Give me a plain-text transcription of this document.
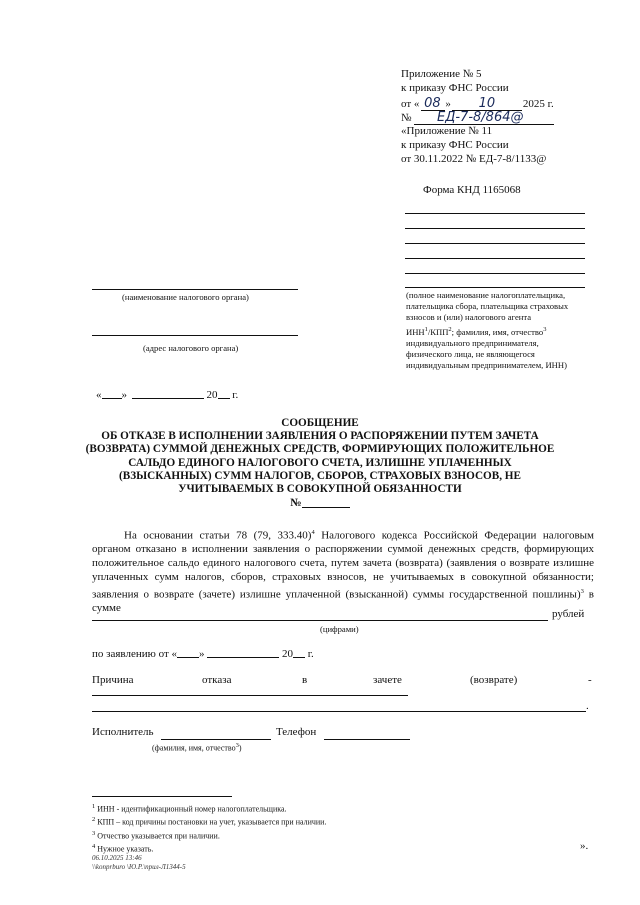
Приложение № 5
к приказу ФНС России
от « 08 » 10	2025 г.
№ ЕД-7-8/864@
«Приложение № 11
к приказу ФНС России
от 30.11.2022 № ЕД-7-8/1133@
Форма КНД 1165068
(полное наименование налогоплательщика,
плательщика сбора, плательщика страховых
взносов и (или) налогового агента
ИНН$^1$/КПП$^2$; фамилия, имя, отчество$^3$
индивидуального предпринимателя,
физического лица, не являющегося
индивидуальным предпринимателем, ИНН)
(наименование налогового органа)
(адрес налогового органа)
« »	20 г.
СООБЩЕНИЕ
ОБ ОТКАЗЕ В ИСПОЛНЕНИИ ЗАЯВЛЕНИЯ О РАСПОРЯЖЕНИИ ПУТЕМ ЗАЧЕТА
(ВОЗВРАТА) СУММОЙ ДЕНЕЖНЫХ СРЕДСТВ, ФОРМИРУЮЩИХ ПОЛОЖИТЕЛЬНОЕ
САЛЬДО ЕДИНОГО НАЛОГОВОГО СЧЕТА, ИЗЛИШНЕ УПЛАЧЕННЫХ
(ВЗЫСКАННЫХ) СУММ НАЛОГОВ, СБОРОВ, СТРАХОВЫХ ВЗНОСОВ, НЕ
УЧИТЫВАЕМЫХ В СОВОКУПНОЙ ОБЯЗАННОСТИ
№
На основании статьи 78 (79, 333.40)$^4$ Налогового кодекса Российской Федерации налоговым органом отказано в исполнении заявления о распоряжении суммой денежных средств, формирующих положительное сальдо единого налогового счета, путем зачета (возврата) (заявления о возврате излишне уплаченных сумм налогов, сборов, страховых взносов, не учитываемых в совокупной обязанности; заявления о возврате (зачете) излишне уплаченной (взысканной) суммы государственной пошлины)$^3$ в сумме	рублей
(цифрами)
по заявлению от « »	20 г.
Причина	отказа	в	зачете	(возврате)	-
.
Исполнитель	Телефон
(фамилия, имя, отчество$^3$)
$^1$ ИНН - идентификационный номер налогоплательщика.
$^2$ КПП – код причины постановки на учет, указывается при наличии.
$^3$ Отчество указывается при наличии.
$^4$ Нужное указать.	».
06.10.2025 13:46
\\konprburo \Ю.Р.\прил-Л1344-5
